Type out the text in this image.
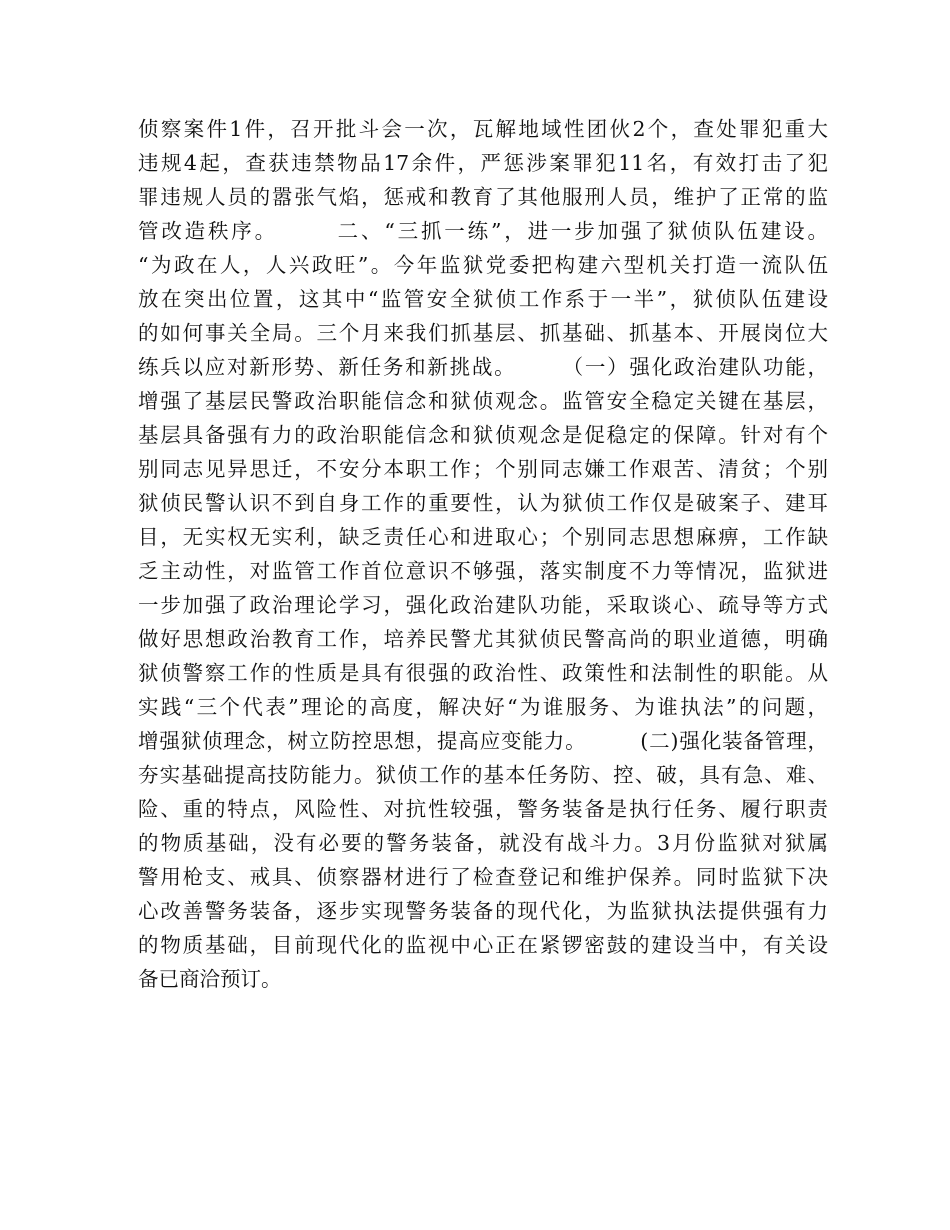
侦察案件1件，召开批斗会一次，瓦解地域性团伙2个，查处罪犯重大
违规4起，查获违禁物品17余件，严惩涉案罪犯11名，有效打击了犯
罪违规人员的嚣张气焰，惩戒和教育了其他服刑人员，维护了正常的监
管改造秩序。　　　二、“三抓一练”，进一步加强了狱侦队伍建设。
“为政在人，人兴政旺”。今年监狱党委把构建六型机关打造一流队伍
放在突出位置，这其中“监管安全狱侦工作系于一半”，狱侦队伍建设
的如何事关全局。三个月来我们抓基层、抓基础、抓基本、开展岗位大
练兵以应对新形势、新任务和新挑战。　　　（一）强化政治建队功能，
增强了基层民警政治职能信念和狱侦观念。监管安全稳定关键在基层，
基层具备强有力的政治职能信念和狱侦观念是促稳定的保障。针对有个
别同志见异思迁，不安分本职工作；个别同志嫌工作艰苦、清贫；个别
狱侦民警认识不到自身工作的重要性，认为狱侦工作仅是破案子、建耳
目，无实权无实利，缺乏责任心和进取心；个别同志思想麻痹，工作缺
乏主动性，对监管工作首位意识不够强，落实制度不力等情况，监狱进
一步加强了政治理论学习，强化政治建队功能，采取谈心、疏导等方式
做好思想政治教育工作，培养民警尤其狱侦民警高尚的职业道德，明确
狱侦警察工作的性质是具有很强的政治性、政策性和法制性的职能。从
实践“三个代表”理论的高度，解决好“为谁服务、为谁执法”的问题，
增强狱侦理念，树立防控思想，提高应变能力。　　　(二)强化装备管理，
夯实基础提高技防能力。狱侦工作的基本任务防、控、破，具有急、难、
险、重的特点，风险性、对抗性较强，警务装备是执行任务、履行职责
的物质基础，没有必要的警务装备，就没有战斗力。3月份监狱对狱属
警用枪支、戒具、侦察器材进行了检查登记和维护保养。同时监狱下决
心改善警务装备，逐步实现警务装备的现代化，为监狱执法提供强有力
的物质基础，目前现代化的监视中心正在紧锣密鼓的建设当中，有关设
备已商洽预订。
